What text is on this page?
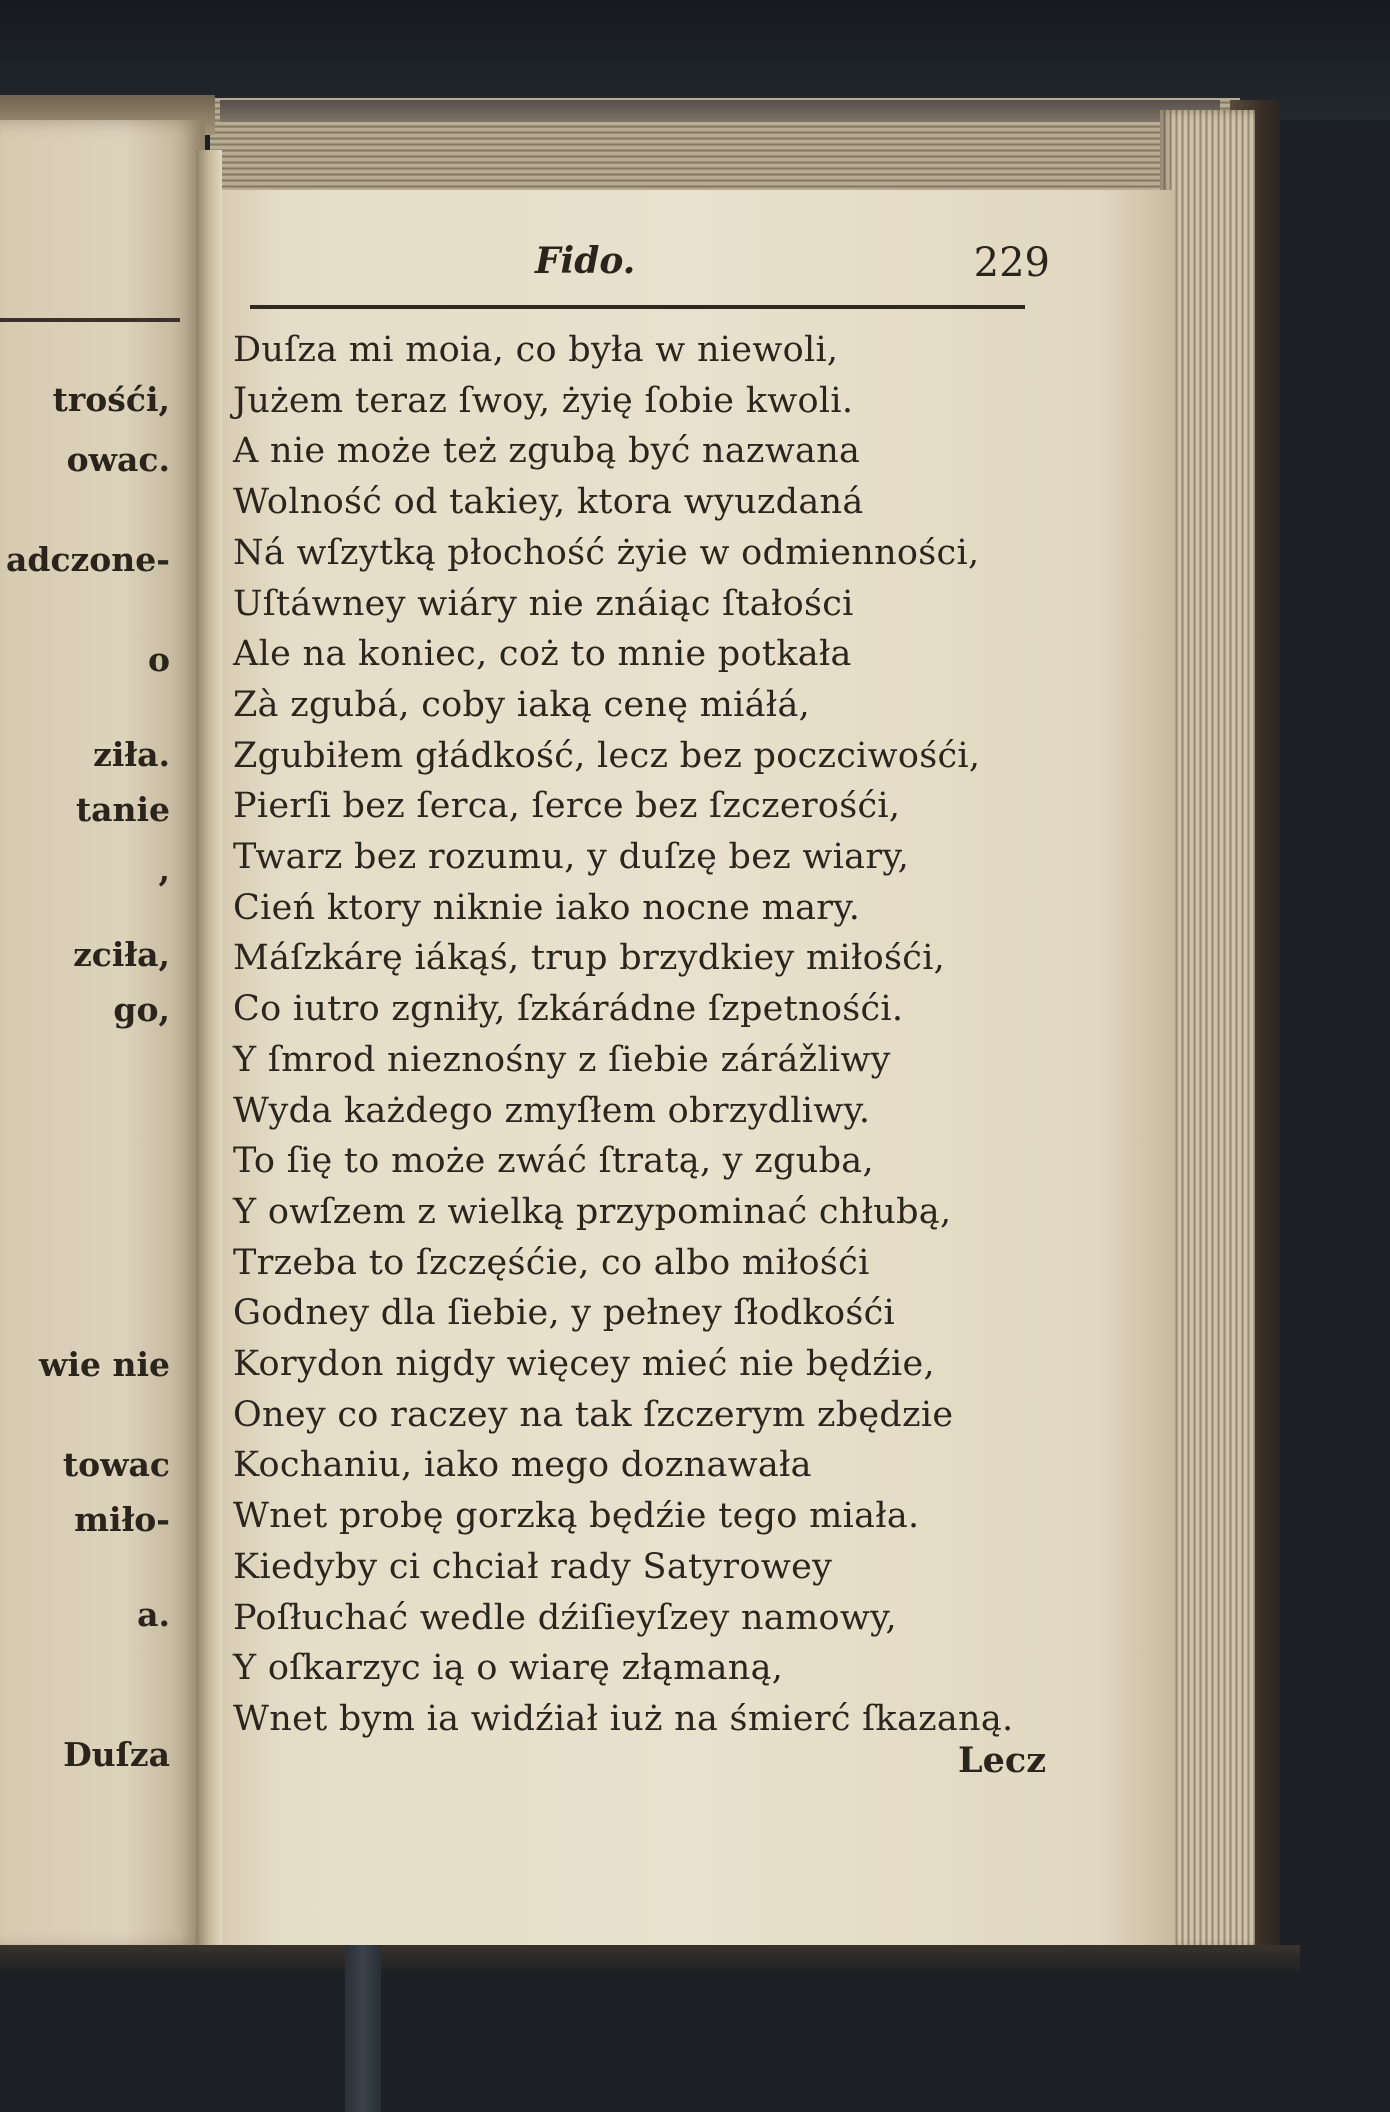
trośći,
owac.
adczone-
o
ziła.
tanie
,
zciła,
go,
wie nie
towac
miło-
a.
Duſza
Fido.	229
Duſza mi moia, co była w niewoli,
Jużem teraz ſwoy, żyię ſobie kwoli.
A nie może też zgubą być nazwana
Wolność od takiey, ktora wyuzdaná
Ná wſzytką płochość żyie w odmienności,
Uſtáwney wiáry nie znáiąc ſtałości
Ale na koniec, coż to mnie potkała
Zà zgubá, coby iaką cenę miáłá,
Zgubiłem głádkość, lecz bez poczciwośći,
Pierſi bez ſerca, ſerce bez ſzczerośći,
Twarz bez rozumu, y duſzę bez wiary,
Cień ktory niknie iako nocne mary.
Máſzkárę iákąś, trup brzydkiey miłośći,
Co iutro zgniły, ſzkárádne ſzpetnośći.
Y ſmrod nieznośny z ſiebie zárážliwy
Wyda każdego zmyſłem obrzydliwy.
To ſię to może zwáć ſtratą, y zguba,
Y owſzem z wielką przypominać chłubą,
Trzeba to ſzczęśćie, co albo miłośći
Godney dla ſiebie, y pełney ſłodkośći
Korydon nigdy więcey mieć nie będźie,
Oney co raczey na tak ſzczerym zbędzie
Kochaniu, iako mego doznawała
Wnet probę gorzką będźie tego miała.
Kiedyby ci chciał rady Satyrowey
Poſłuchać wedle dźiſieyſzey namowy,
Y oſkarzyc ią o wiarę złąmaną,
Wnet bym ia widźiał iuż na śmierć ſkazaną.
Lecz
